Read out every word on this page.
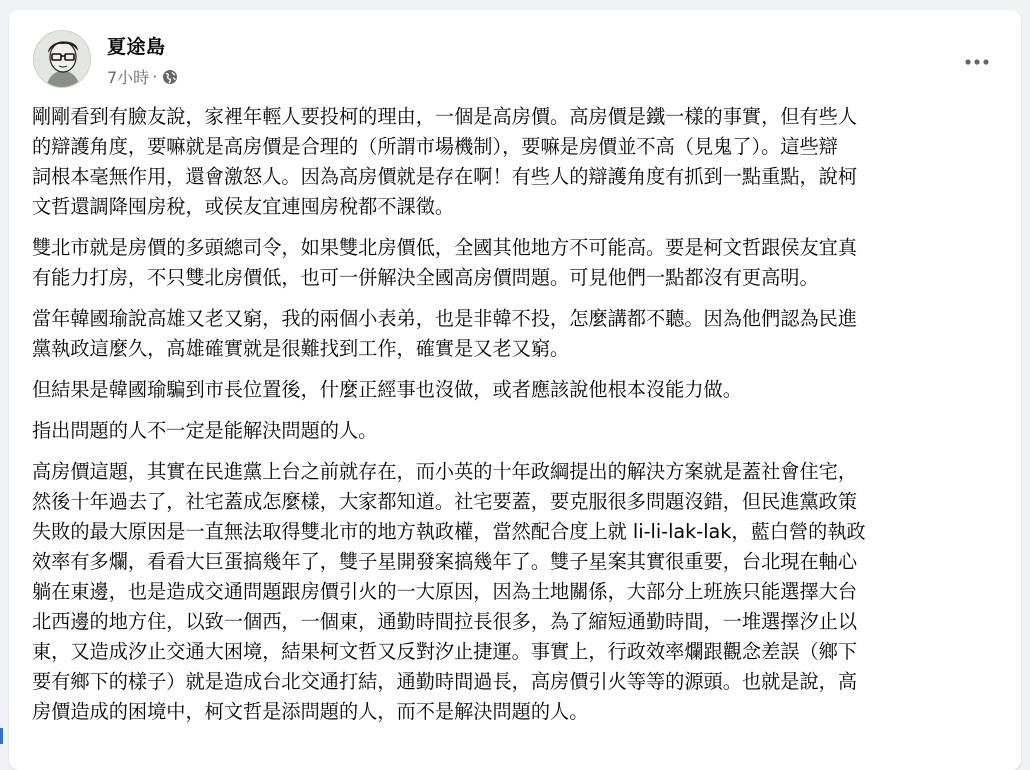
夏途島
7小時 ·

剛剛看到有臉友說，家裡年輕人要投柯的理由，一個是高房價。高房價是鐵一樣的事實，但有些人
的辯護角度，要嘛就是高房價是合理的（所謂市場機制），要嘛是房價並不高（見鬼了）。這些辯
詞根本毫無作用，還會激怒人。因為高房價就是存在啊！有些人的辯護角度有抓到一點重點，說柯
文哲還調降囤房稅，或侯友宜連囤房稅都不課徵。

雙北市就是房價的多頭總司令，如果雙北房價低，全國其他地方不可能高。要是柯文哲跟侯友宜真
有能力打房，不只雙北房價低，也可一併解決全國高房價問題。可見他們一點都沒有更高明。

當年韓國瑜說高雄又老又窮，我的兩個小表弟，也是非韓不投，怎麼講都不聽。因為他們認為民進
黨執政這麼久，高雄確實就是很難找到工作，確實是又老又窮。

但結果是韓國瑜騙到市長位置後，什麼正經事也沒做，或者應該說他根本沒能力做。

指出問題的人不一定是能解決問題的人。

高房價這題，其實在民進黨上台之前就存在，而小英的十年政綱提出的解決方案就是蓋社會住宅，
然後十年過去了，社宅蓋成怎麼樣，大家都知道。社宅要蓋，要克服很多問題沒錯，但民進黨政策
失敗的最大原因是一直無法取得雙北市的地方執政權，當然配合度上就 li-li-lak-lak，藍白營的執政
效率有多爛，看看大巨蛋搞幾年了，雙子星開發案搞幾年了。雙子星案其實很重要，台北現在軸心
躺在東邊，也是造成交通問題跟房價引火的一大原因，因為土地關係，大部分上班族只能選擇大台
北西邊的地方住，以致一個西，一個東，通勤時間拉長很多，為了縮短通勤時間，一堆選擇汐止以
東，又造成汐止交通大困境，結果柯文哲又反對汐止捷運。事實上，行政效率爛跟觀念差誤（鄉下
要有鄉下的樣子）就是造成台北交通打結，通勤時間過長，高房價引火等等的源頭。也就是說，高
房價造成的困境中，柯文哲是添問題的人，而不是解決問題的人。
